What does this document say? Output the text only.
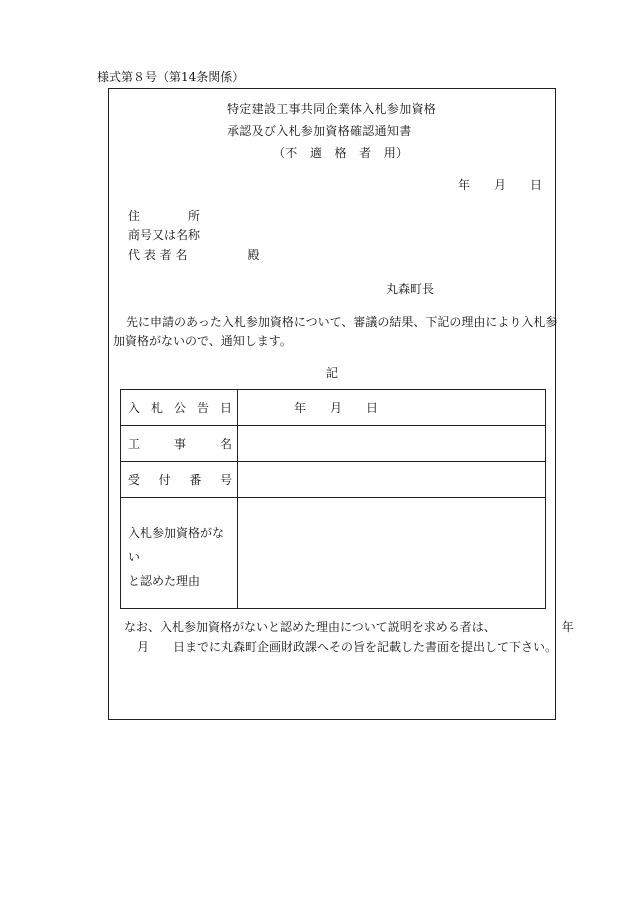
様式第８号（第14条関係）
特定建設工事共同企業体入札参加資格
承認及び入札参加資格確認通知書
（不　適　格　者　用）
年　　月　　日
住　　　　所
商号又は名称
代 表 者 名　　　　　殿
丸森町長
先に申請のあった入札参加資格について、審議の結果、下記の理由により入札参
加資格がないので、通知します。
記
入 札 公 告 日	　　　　年　　月　　日

工 事 名	

受 付 番 号	

入札参加資格がない
と認めた理由	

なお、入札参加資格がないと認めた理由について説明を求める者は、　　　　　　年
月　　日までに丸森町企画財政課へその旨を記載した書面を提出して下さい。
